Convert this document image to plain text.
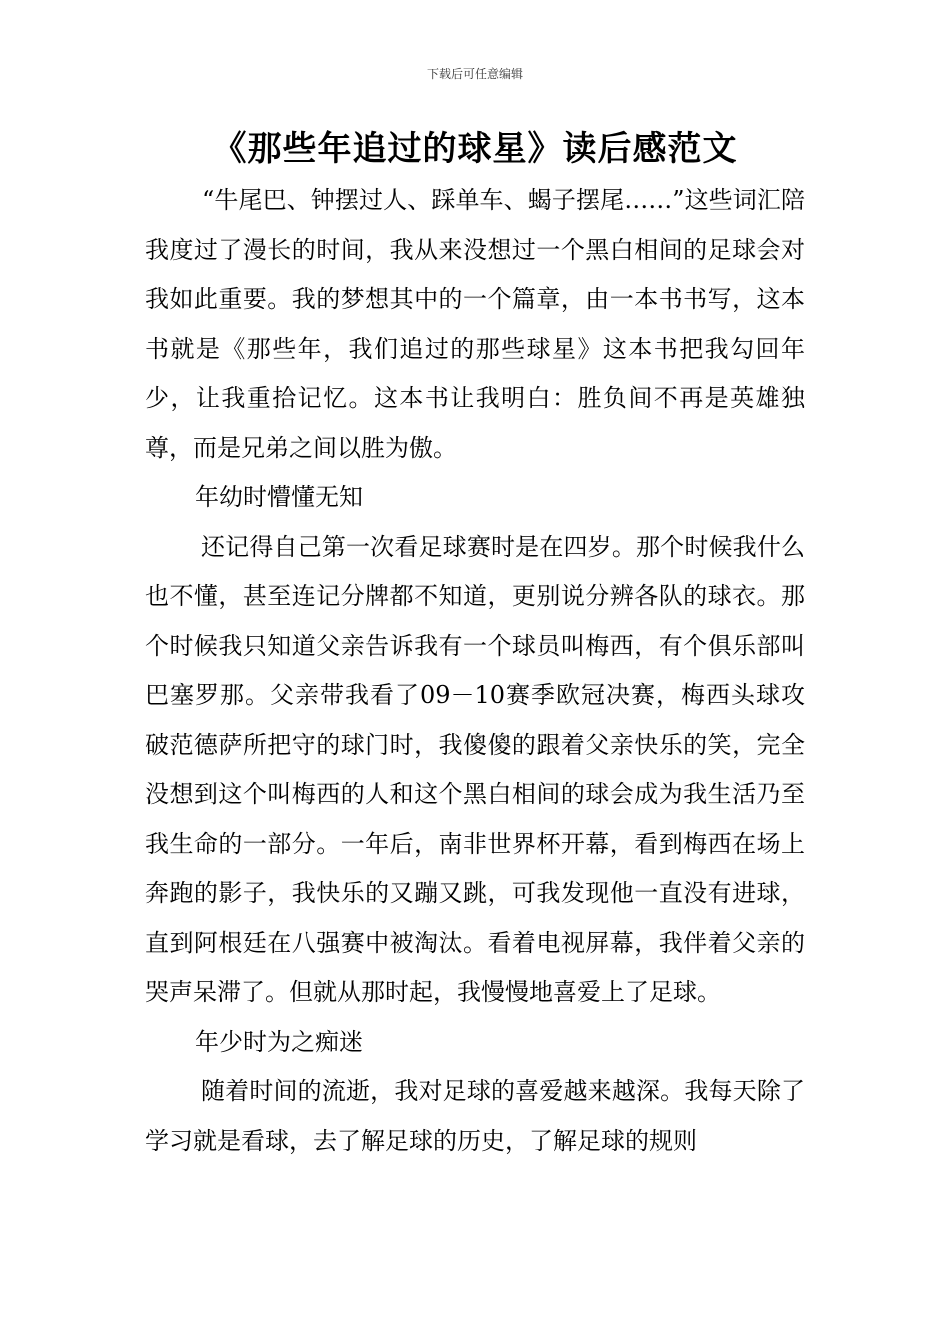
下载后可任意编辑
《那些年追过的球星》读后感范文

“牛尾巴、钟摆过人、踩单车、蝎子摆尾……”这些词汇陪我度过了漫长的时间，我从来没想过一个黑白相间的足球会对我如此重要。我的梦想其中的一个篇章，由一本书书写，这本书就是《那些年，我们追过的那些球星》这本书把我勾回年少，让我重拾记忆。这本书让我明白：胜负间不再是英雄独尊，而是兄弟之间以胜为傲。

年幼时懵懂无知

还记得自己第一次看足球赛时是在四岁。那个时候我什么也不懂，甚至连记分牌都不知道，更别说分辨各队的球衣。那个时候我只知道父亲告诉我有一个球员叫梅西，有个俱乐部叫巴塞罗那。父亲带我看了09－10赛季欧冠决赛，梅西头球攻破范德萨所把守的球门时，我傻傻的跟着父亲快乐的笑，完全没想到这个叫梅西的人和这个黑白相间的球会成为我生活乃至我生命的一部分。一年后，南非世界杯开幕，看到梅西在场上奔跑的影子，我快乐的又蹦又跳，可我发现他一直没有进球，直到阿根廷在八强赛中被淘汰。看着电视屏幕，我伴着父亲的哭声呆滞了。但就从那时起，我慢慢地喜爱上了足球。

年少时为之痴迷

随着时间的流逝，我对足球的喜爱越来越深。我每天除了学习就是看球，去了解足球的历史，了解足球的规则
